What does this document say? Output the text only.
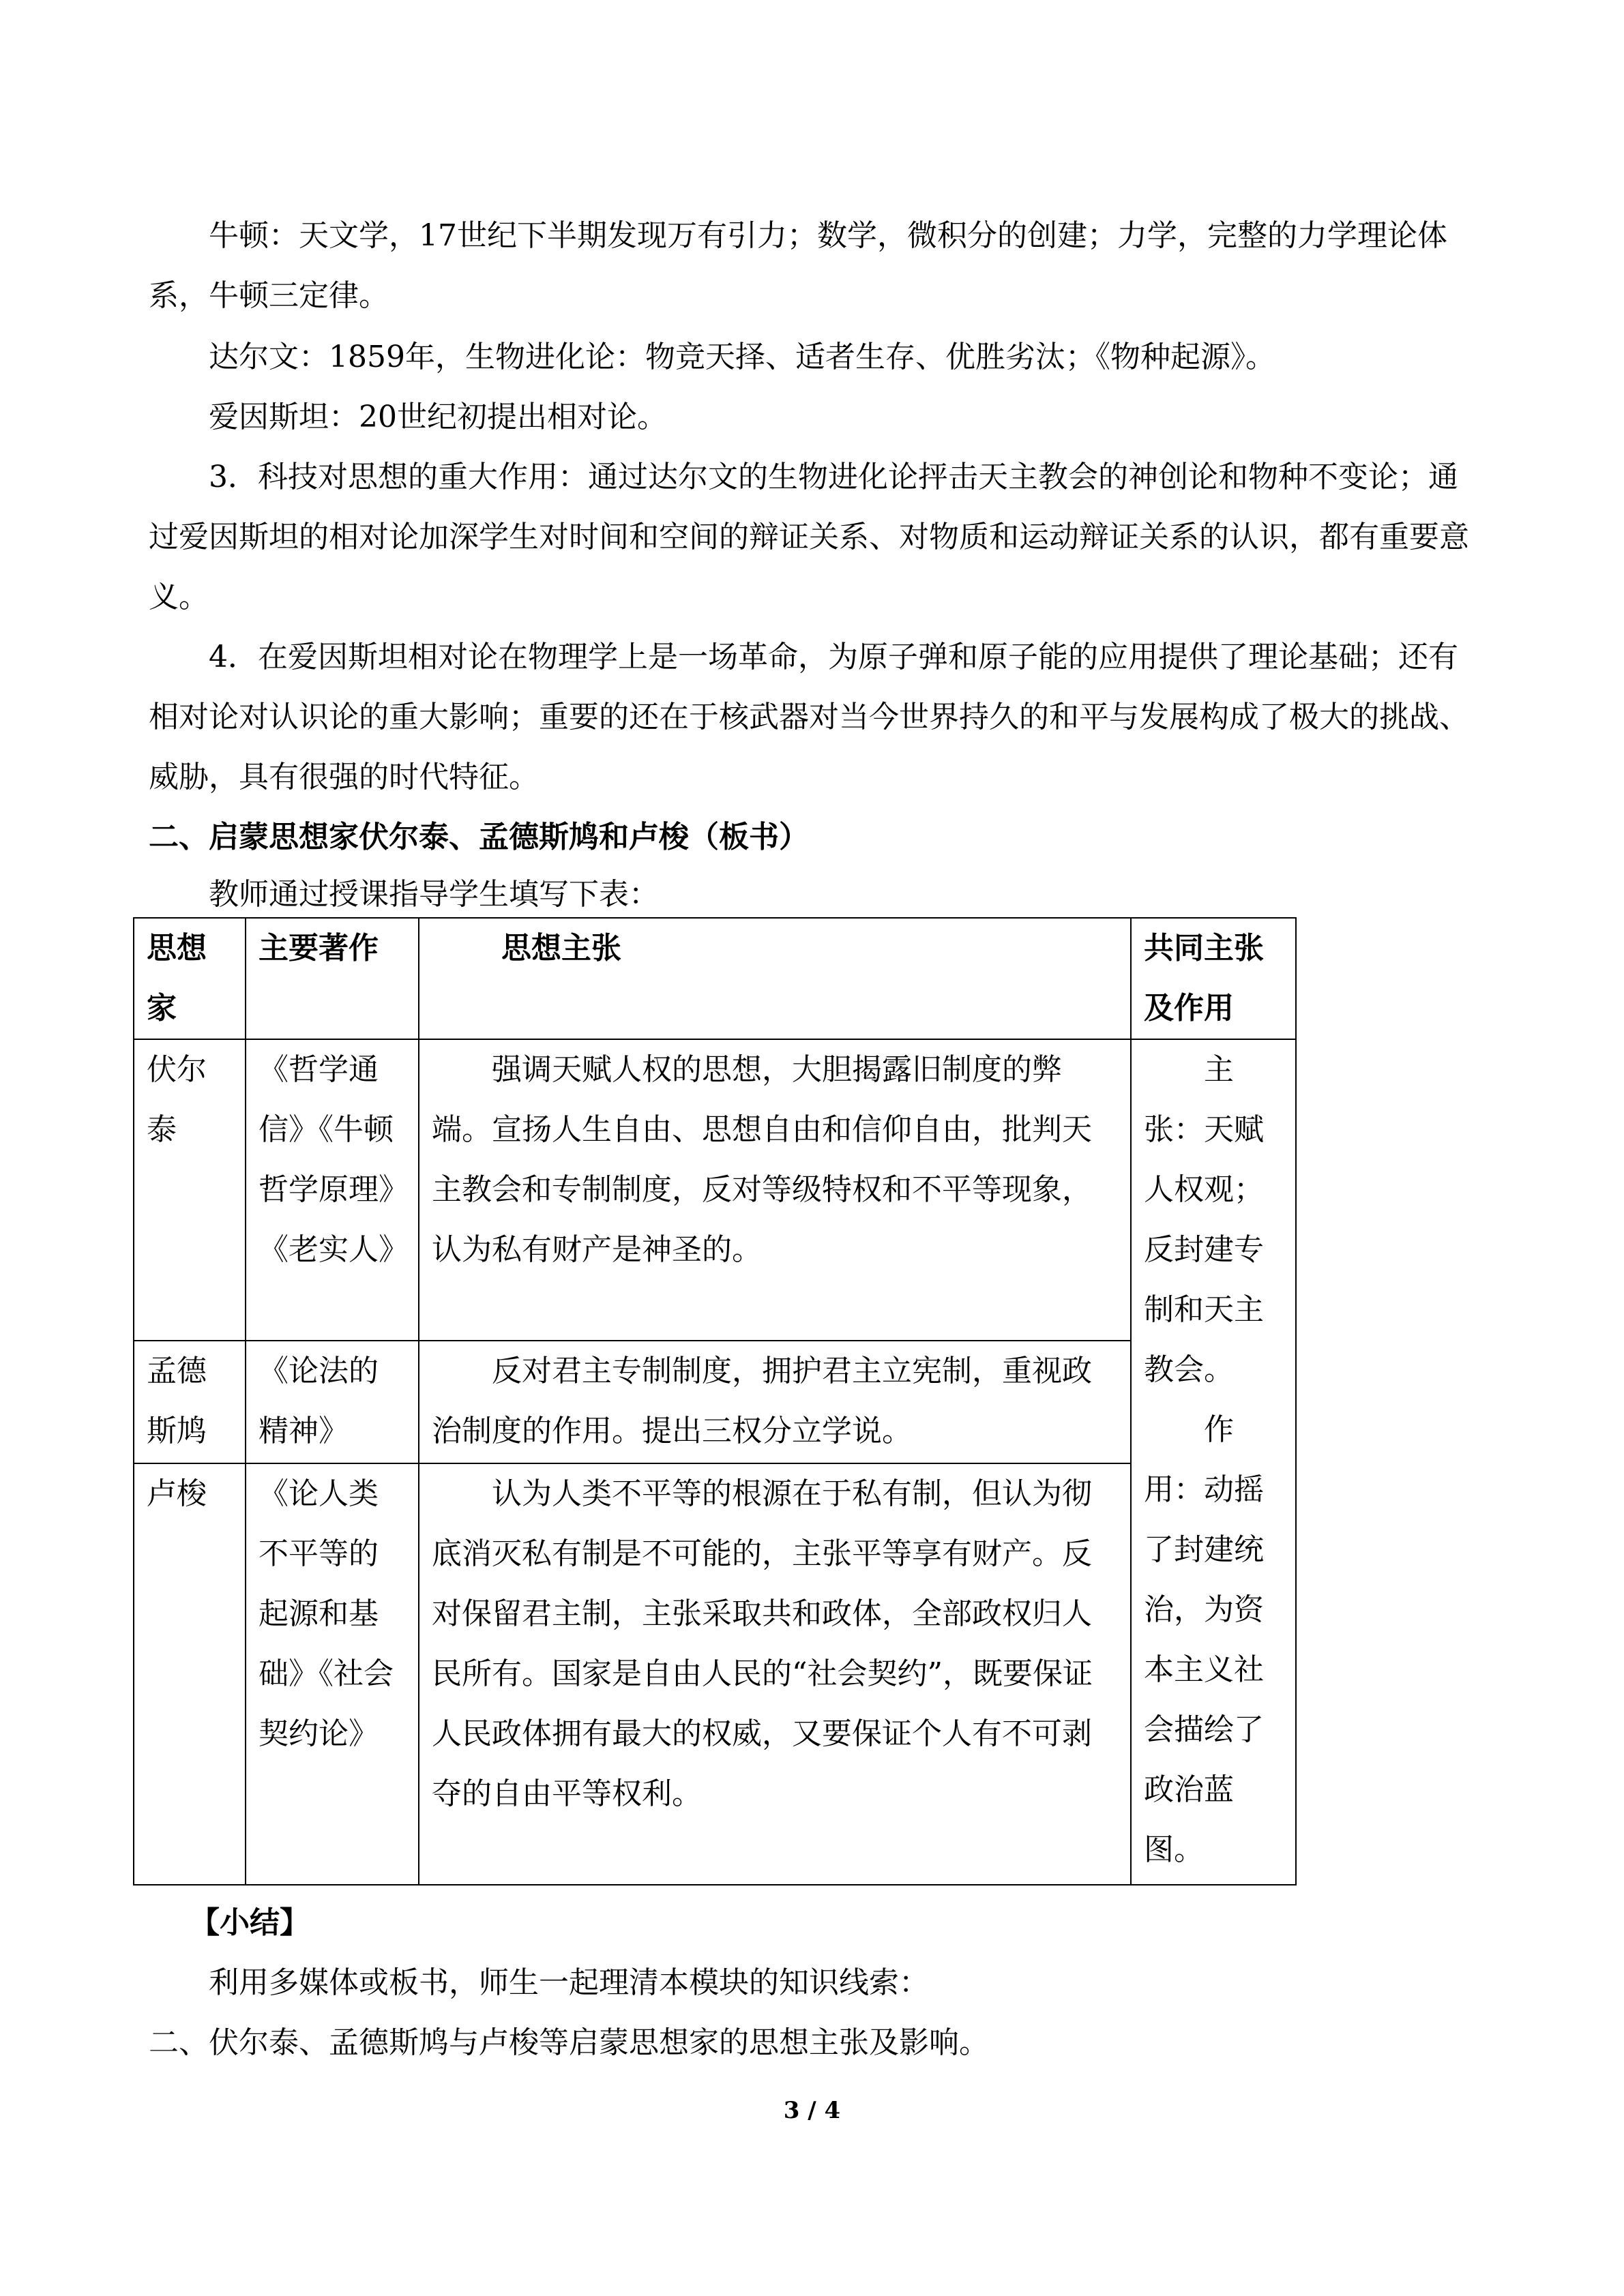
牛顿：天文学，17世纪下半期发现万有引力；数学，微积分的创建；力学，完整的力学理论体系，牛顿三定律。

达尔文：1859年，生物进化论：物竞天择、适者生存、优胜劣汰；《物种起源》。

爱因斯坦：20世纪初提出相对论。

3．科技对思想的重大作用：通过达尔文的生物进化论抨击天主教会的神创论和物种不变论；通过爱因斯坦的相对论加深学生对时间和空间的辩证关系、对物质和运动辩证关系的认识，都有重要意义。

4．在爱因斯坦相对论在物理学上是一场革命，为原子弹和原子能的应用提供了理论基础；还有相对论对认识论的重大影响；重要的还在于核武器对当今世界持久的和平与发展构成了极大的挑战、威胁，具有很强的时代特征。

二、启蒙思想家伏尔泰、孟德斯鸠和卢梭（板书）

教师通过授课指导学生填写下表：

思想家	主要著作	思想主张	共同主张及作用
伏尔泰	《哲学通信》《牛顿哲学原理》《老实人》	强调天赋人权的思想，大胆揭露旧制度的弊端。宣扬人生自由、思想自由和信仰自由，批判天主教会和专制制度，反对等级特权和不平等现象，认为私有财产是神圣的。	主张：天赋人权观；反封建专制和天主教会。
作用：动摇了封建统治，为资本主义社会描绘了政治蓝图。

孟德斯鸠	《论法的精神》	反对君主专制制度，拥护君主立宪制，重视政治制度的作用。提出三权分立学说。	
卢梭	《论人类不平等的起源和基础》《社会契约论》	认为人类不平等的根源在于私有制，但认为彻底消灭私有制是不可能的，主张平等享有财产。反对保留君主制，主张采取共和政体，全部政权归人民所有。国家是自由人民的“社会契约”，既要保证人民政体拥有最大的权威，又要保证个人有不可剥夺的自由平等权利。	

【小结】

利用多媒体或板书，师生一起理清本模块的知识线索：

二、伏尔泰、孟德斯鸠与卢梭等启蒙思想家的思想主张及影响。

3 / 4
